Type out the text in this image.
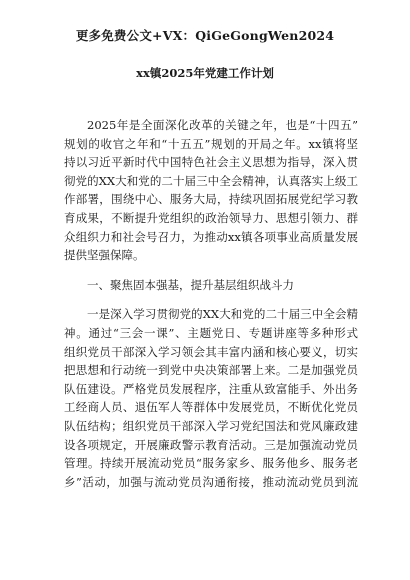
更多免费公文+VX：QiGeGongWen2024
xx镇2025年党建工作计划
2025年是全面深化改革的关键之年，也是“十四五”
规划的收官之年和“十五五”规划的开局之年。xx镇将坚
持以习近平新时代中国特色社会主义思想为指导，深入贯
彻党的XX大和党的二十届三中全会精神，认真落实上级工
作部署，围绕中心、服务大局，持续巩固拓展党纪学习教
育成果，不断提升党组织的政治领导力、思想引领力、群
众组织力和社会号召力，为推动xx镇各项事业高质量发展
提供坚强保障。
一、聚焦固本强基，提升基层组织战斗力
一是深入学习贯彻党的XX大和党的二十届三中全会精
神。通过“三会一课”、主题党日、专题讲座等多种形式
组织党员干部深入学习领会其丰富内涵和核心要义，切实
把思想和行动统一到党中央决策部署上来。二是加强党员
队伍建设。严格党员发展程序，注重从致富能手、外出务
工经商人员、退伍军人等群体中发展党员，不断优化党员
队伍结构；组织党员干部深入学习党纪国法和党风廉政建
设各项规定，开展廉政警示教育活动。三是加强流动党员
管理。持续开展流动党员“服务家乡、服务他乡、服务老
乡”活动，加强与流动党员沟通衔接，推动流动党员到流
